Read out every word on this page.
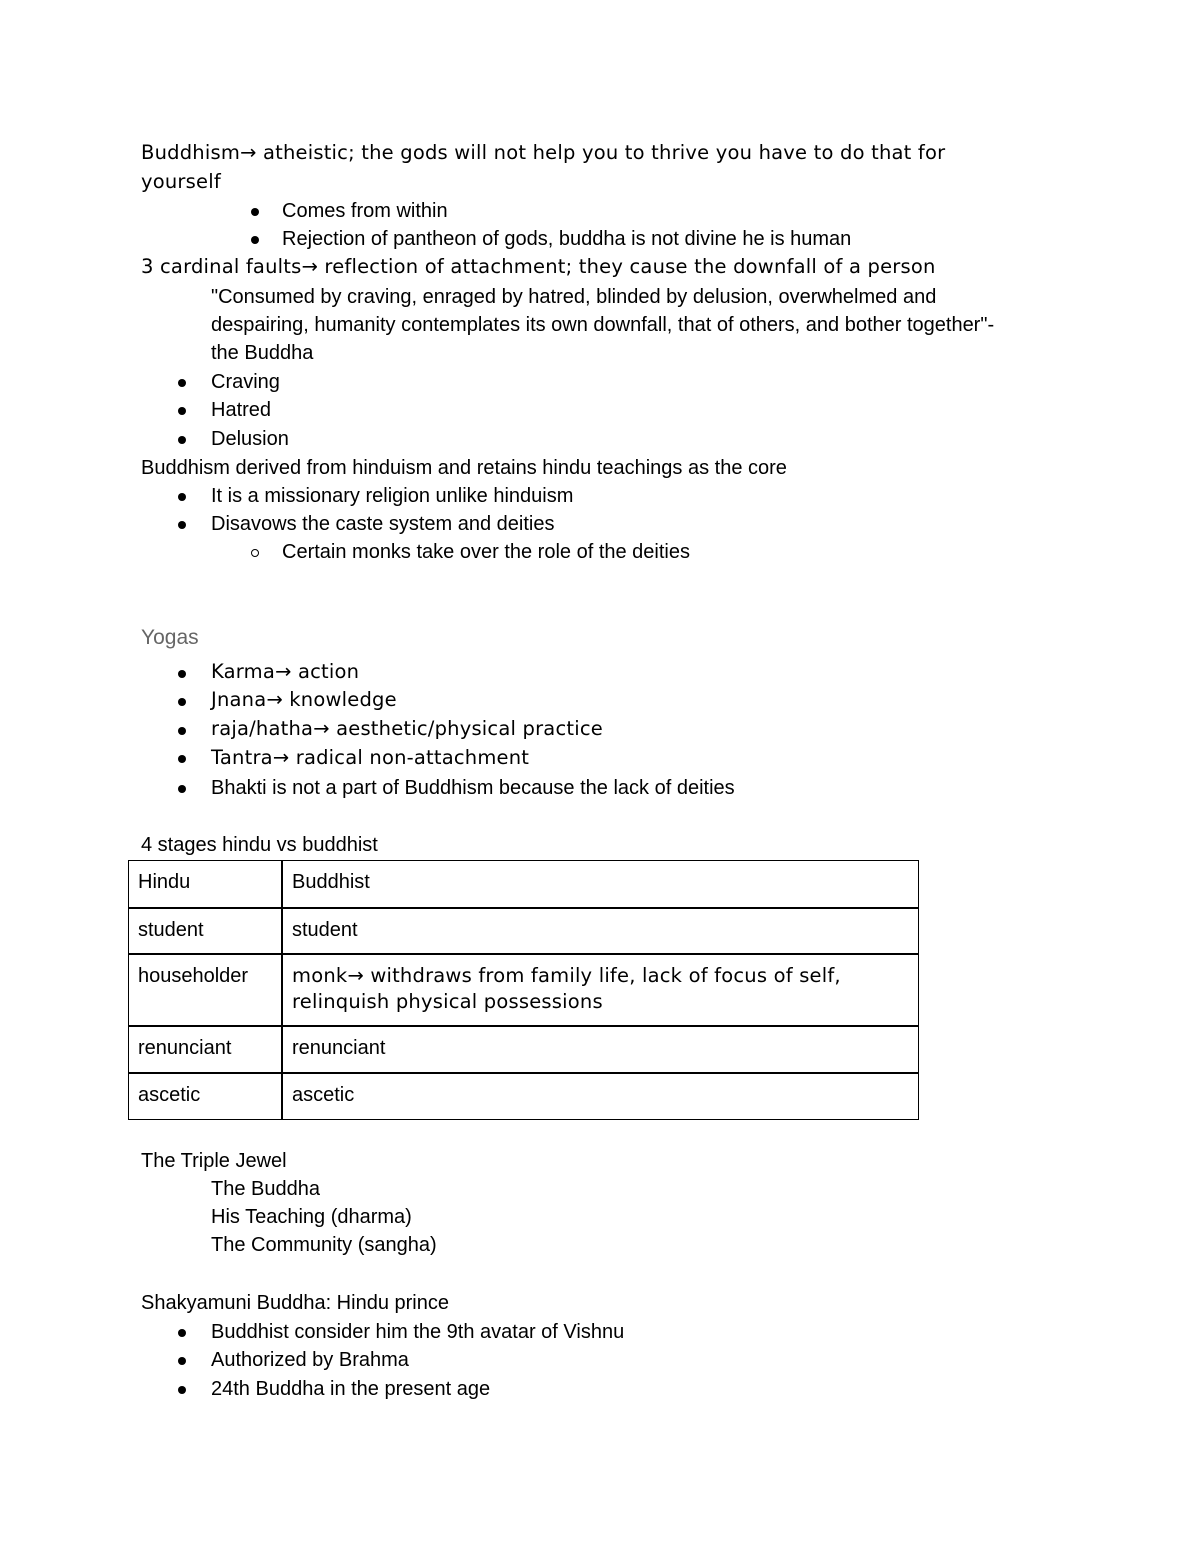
Buddhism→ atheistic; the gods will not help you to thrive you have to do that for
yourself
Comes from within
Rejection of pantheon of gods, buddha is not divine he is human
3 cardinal faults→ reflection of attachment; they cause the downfall of a person
"Consumed by craving, enraged by hatred, blinded by delusion, overwhelmed and
despairing, humanity contemplates its own downfall, that of others, and bother together"-
the Buddha
Craving
Hatred
Delusion
Buddhism derived from hinduism and retains hindu teachings as the core
It is a missionary religion unlike hinduism
Disavows the caste system and deities
Certain monks take over the role of the deities
Yogas
Karma→ action
Jnana→ knowledge
raja/hatha→ aesthetic/physical practice
Tantra→ radical non-attachment
Bhakti is not a part of Buddhism because the lack of deities
4 stages hindu vs buddhist
Hindu	Buddhist
student	student
householder	monk→ withdraws from family life, lack of focus of self,
relinquish physical possessions

renunciant	renunciant
ascetic	ascetic
The Triple Jewel
The Buddha
His Teaching (dharma)
The Community (sangha)
Shakyamuni Buddha: Hindu prince
Buddhist consider him the 9th avatar of Vishnu
Authorized by Brahma
24th Buddha in the present age
